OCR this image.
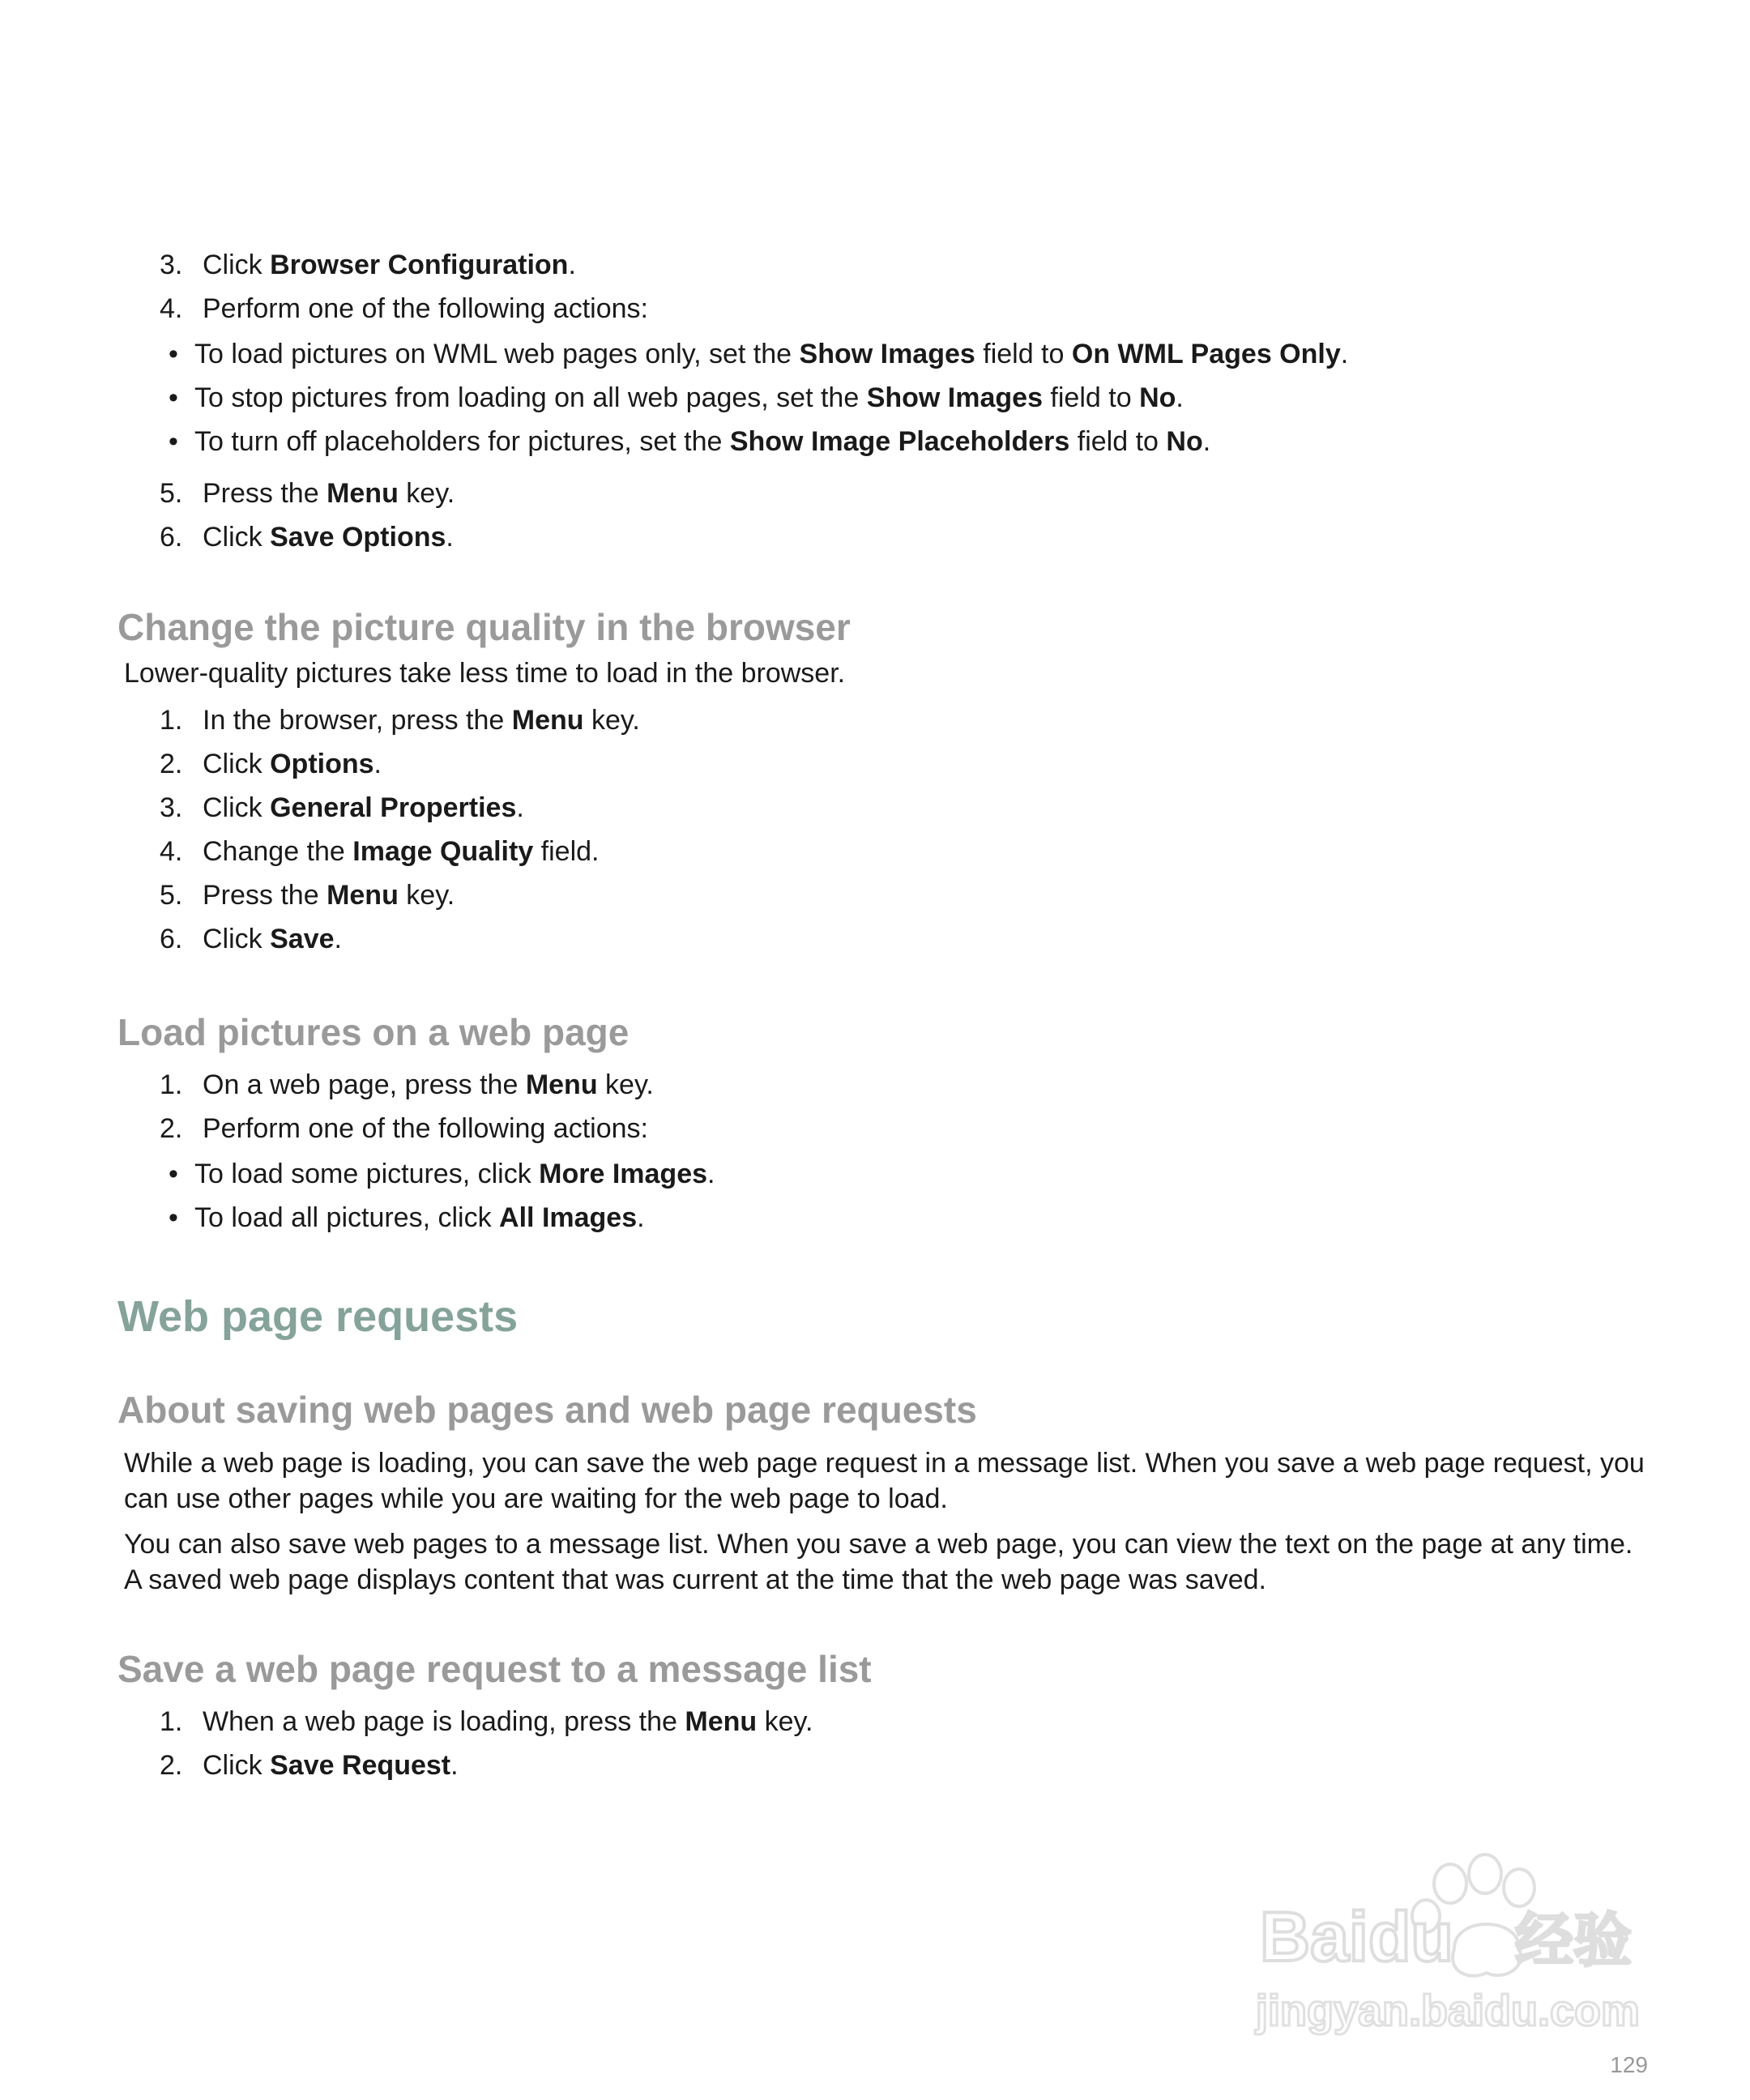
3. Click Browser Configuration.
4. Perform one of the following actions:
• To load pictures on WML web pages only, set the Show Images field to On WML Pages Only.
• To stop pictures from loading on all web pages, set the Show Images field to No.
• To turn off placeholders for pictures, set the Show Image Placeholders field to No.
5. Press the Menu key.
6. Click Save Options.
Change the picture quality in the browser

Lower-quality pictures take less time to load in the browser.

1. In the browser, press the Menu key.
2. Click Options.
3. Click General Properties.
4. Change the Image Quality field.
5. Press the Menu key.
6. Click Save.
Load pictures on a web page
1. On a web page, press the Menu key.
2. Perform one of the following actions:
• To load some pictures, click More Images.
• To load all pictures, click All Images.
Web page requests
About saving web pages and web page requests

While a web page is loading, you can save the web page request in a message list. When you save a web page request, you can use other pages while you are waiting for the web page to load.

You can also save web pages to a message list. When you save a web page, you can view the text on the page at any time. A saved web page displays content that was current at the time that the web page was saved.

Save a web page request to a message list
1. When a web page is loading, press the Menu key.
2. Click Save Request.
Baidu 经验
jingyan.baidu.com
129
